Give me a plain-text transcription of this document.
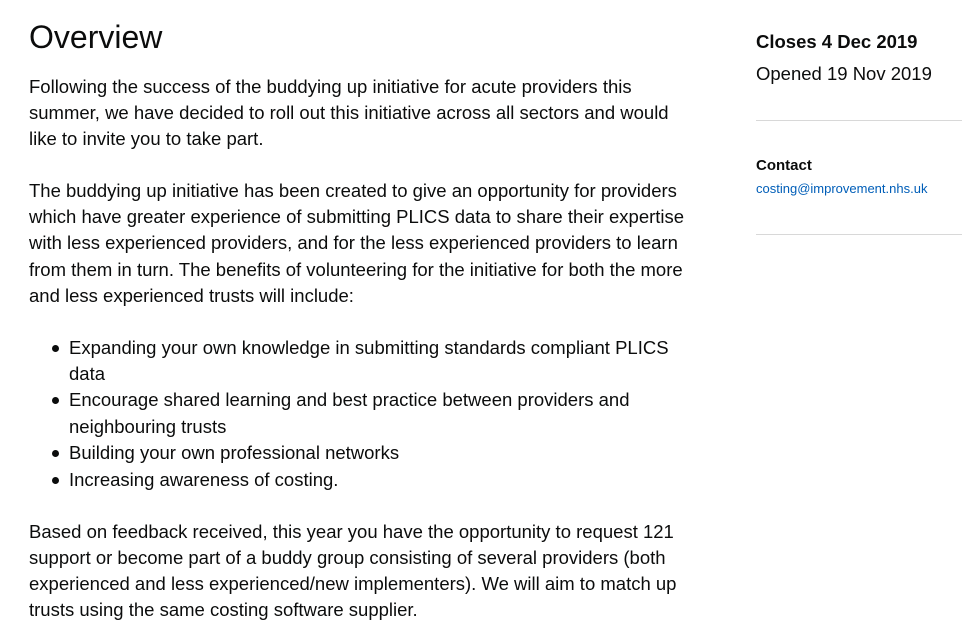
Overview

Following the success of the buddying up initiative for acute providers this summer, we have decided to roll out this initiative across all sectors and would like to invite you to take part.

The buddying up initiative has been created to give an opportunity for providers which have greater experience of submitting PLICS data to share their expertise with less experienced providers, and for the less experienced providers to learn from them in turn. The benefits of volunteering for the initiative for both the more and less experienced trusts will include:

Expanding your own knowledge in submitting standards compliant PLICS data
Encourage shared learning and best practice between providers and neighbouring trusts
Building your own professional networks
Increasing awareness of costing.

Based on feedback received, this year you have the opportunity to request 121 support or become part of a buddy group consisting of several providers (both experienced and less experienced/new implementers). We will aim to match up trusts using the same costing software supplier.

Closes 4 Dec 2019

Opened 19 Nov 2019

Contact

costing@improvement.nhs.uk
